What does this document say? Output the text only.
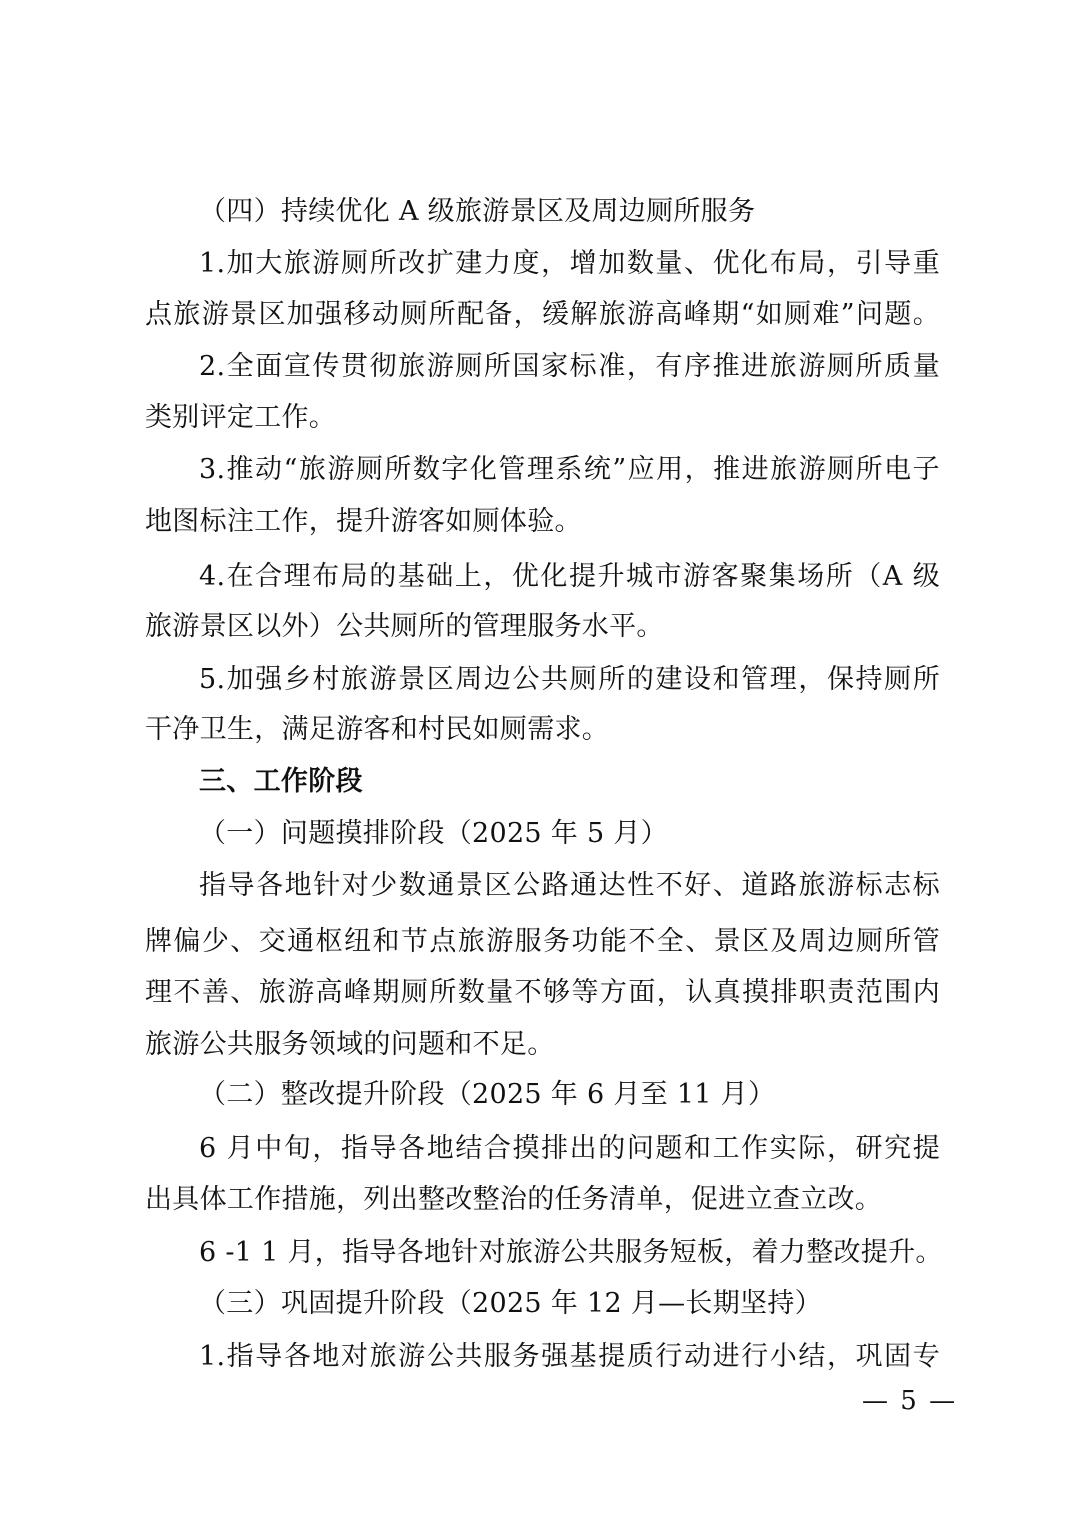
（四）持续优化 A 级旅游景区及周边厕所服务
1.加大旅游厕所改扩建力度，增加数量、优化布局，引导重
点旅游景区加强移动厕所配备，缓解旅游高峰期“如厕难”问题。
2.全面宣传贯彻旅游厕所国家标准，有序推进旅游厕所质量
类别评定工作。
3.推动“旅游厕所数字化管理系统”应用，推进旅游厕所电子
地图标注工作，提升游客如厕体验。
4.在合理布局的基础上，优化提升城市游客聚集场所（A 级
旅游景区以外）公共厕所的管理服务水平。
5.加强乡村旅游景区周边公共厕所的建设和管理，保持厕所
干净卫生，满足游客和村民如厕需求。
三、工作阶段
（一）问题摸排阶段（2025 年 5 月）
指导各地针对少数通景区公路通达性不好、道路旅游标志标
牌偏少、交通枢纽和节点旅游服务功能不全、景区及周边厕所管
理不善、旅游高峰期厕所数量不够等方面，认真摸排职责范围内
旅游公共服务领域的问题和不足。
（二）整改提升阶段（2025 年 6 月至 11 月）
6 月中旬，指导各地结合摸排出的问题和工作实际，研究提
出具体工作措施，列出整改整治的任务清单，促进立查立改。
6 -1 1 月，指导各地针对旅游公共服务短板，着力整改提升。
（三）巩固提升阶段（2025 年 12 月—长期坚持）
1.指导各地对旅游公共服务强基提质行动进行小结，巩固专
— 5 —
